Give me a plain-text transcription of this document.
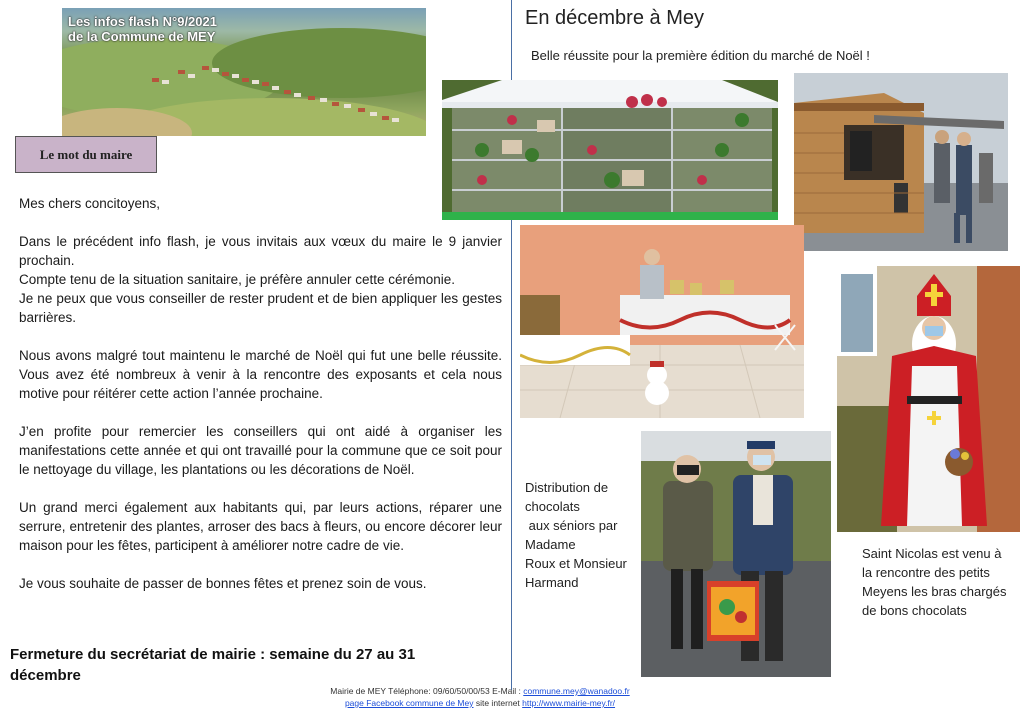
Les infos flash N°9/2021
de la Commune de MEY
Le mot du maire

Mes chers concitoyens,

Dans le précédent info flash, je vous invitais aux vœux du maire le 9 janvier prochain.

Compte tenu de la situation sanitaire, je préfère annuler cette cérémonie.

Je ne peux que vous conseiller de rester prudent et de bien appliquer les gestes barrières.

Nous avons malgré tout maintenu le marché de Noël qui fut une belle réussite. Vous avez été nombreux à venir à la rencontre des exposants et cela nous motive pour réitérer cette action l’année prochaine.

J’en profite pour remercier les conseillers qui ont aidé à organiser les manifestations cette année et qui ont travaillé pour la commune que ce soit pour le nettoyage du village, les plantations ou les décorations de Noël.

Un grand merci également aux habitants qui, par leurs actions, réparer une serrure, entretenir des plantes, arroser des bacs à fleurs, ou encore décorer leur maison pour les fêtes, participent à améliorer notre cadre de vie.

Je vous souhaite de passer de bonnes fêtes et prenez soin de vous.

Fermeture du secrétariat de mairie : semaine du 27 au 31 décembre
Mairie de MEY Téléphone: 09/60/50/00/53 E-Mail : commune.mey@wanadoo.fr
page Facebook commune de Mey site internet http://www.mairie-mey.fr/
En décembre à Mey
Belle réussite pour la première édition du marché de Noël !
Distribution de
chocolats
aux séniors par
Madame
Roux et Monsieur
Harmand
Saint Nicolas est venu à
la rencontre des petits
Meyens les bras chargés
de bons chocolats
